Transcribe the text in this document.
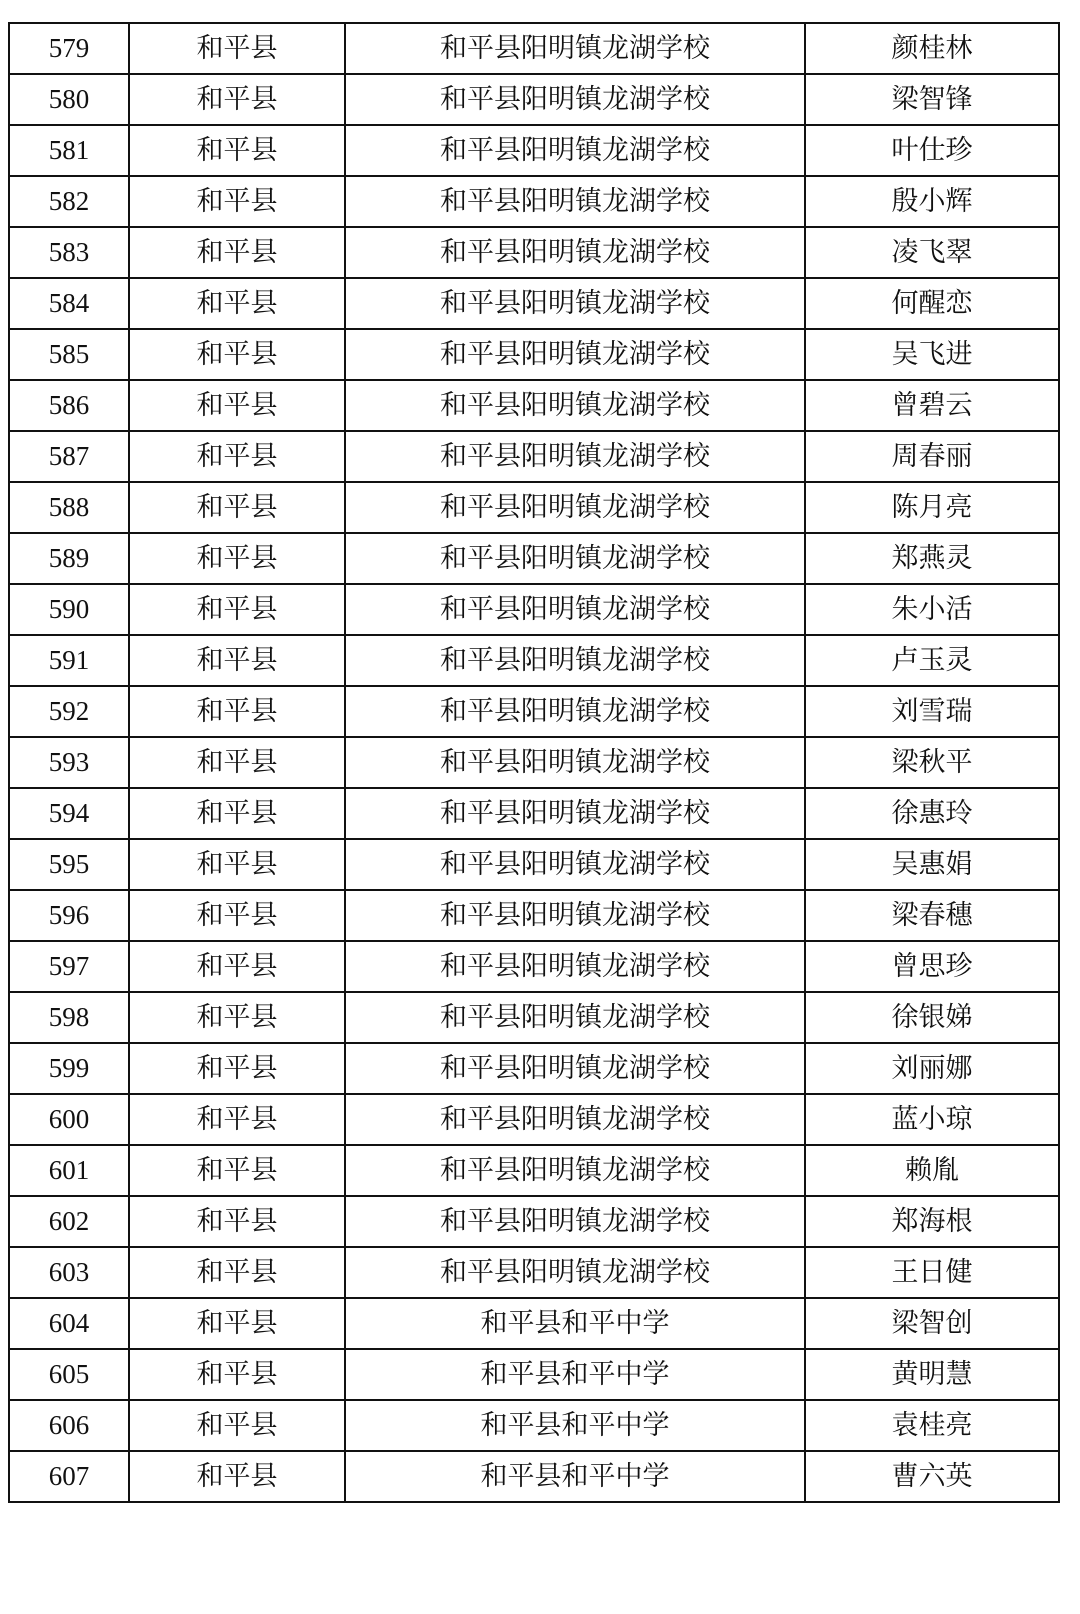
579	和平县	和平县阳明镇龙湖学校	颜桂林
580	和平县	和平县阳明镇龙湖学校	梁智锋
581	和平县	和平县阳明镇龙湖学校	叶仕珍
582	和平县	和平县阳明镇龙湖学校	殷小辉
583	和平县	和平县阳明镇龙湖学校	凌飞翠
584	和平县	和平县阳明镇龙湖学校	何醒恋
585	和平县	和平县阳明镇龙湖学校	吴飞进
586	和平县	和平县阳明镇龙湖学校	曾碧云
587	和平县	和平县阳明镇龙湖学校	周春丽
588	和平县	和平县阳明镇龙湖学校	陈月亮
589	和平县	和平县阳明镇龙湖学校	郑燕灵
590	和平县	和平县阳明镇龙湖学校	朱小活
591	和平县	和平县阳明镇龙湖学校	卢玉灵
592	和平县	和平县阳明镇龙湖学校	刘雪瑞
593	和平县	和平县阳明镇龙湖学校	梁秋平
594	和平县	和平县阳明镇龙湖学校	徐惠玲
595	和平县	和平县阳明镇龙湖学校	吴惠娟
596	和平县	和平县阳明镇龙湖学校	梁春穗
597	和平县	和平县阳明镇龙湖学校	曾思珍
598	和平县	和平县阳明镇龙湖学校	徐银娣
599	和平县	和平县阳明镇龙湖学校	刘丽娜
600	和平县	和平县阳明镇龙湖学校	蓝小琼
601	和平县	和平县阳明镇龙湖学校	赖胤
602	和平县	和平县阳明镇龙湖学校	郑海根
603	和平县	和平县阳明镇龙湖学校	王日健
604	和平县	和平县和平中学	梁智创
605	和平县	和平县和平中学	黄明慧
606	和平县	和平县和平中学	袁桂亮
607	和平县	和平县和平中学	曹六英
